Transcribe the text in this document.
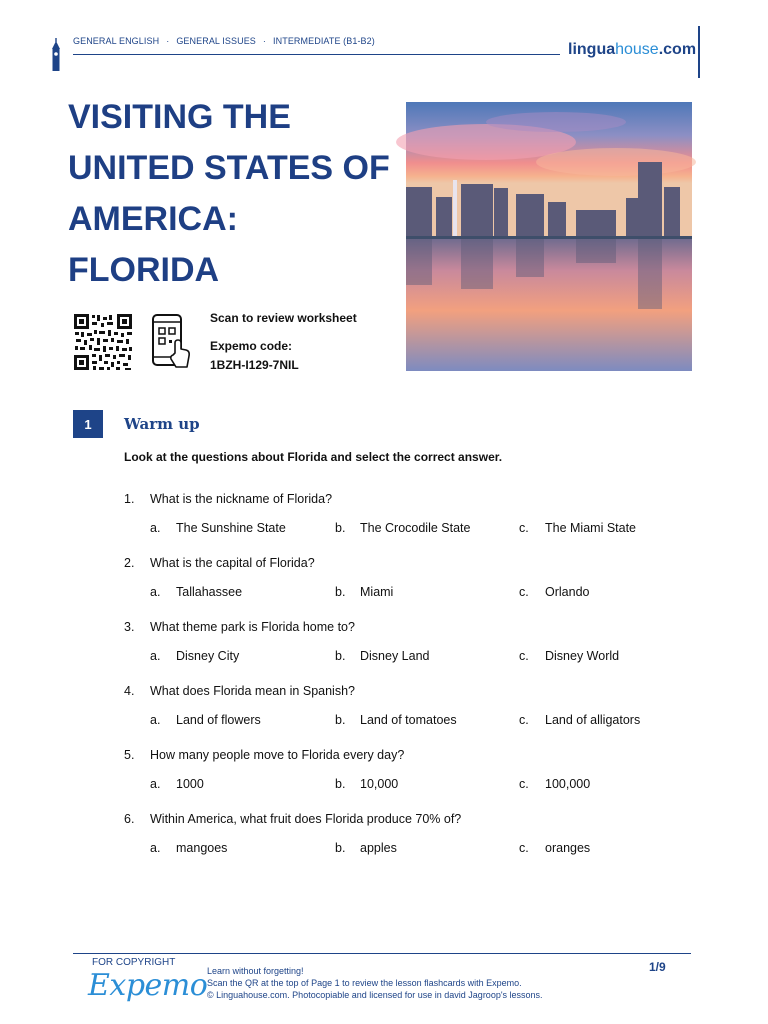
GENERAL ENGLISH · GENERAL ISSUES · INTERMEDIATE (B1-B2)	linguahouse.com
VISITING THE UNITED STATES OF AMERICA: FLORIDA
Scan to review worksheet
Expemo code:
1BZH-I129-7NIL
1	Warm up
Look at the questions about Florida and select the correct answer.
1. What is the nickname of Florida?
a. The Sunshine State	b. The Crocodile State	c. The Miami State
2. What is the capital of Florida?
a. Tallahassee	b. Miami	c. Orlando
3. What theme park is Florida home to?
a. Disney City	b. Disney Land	c. Disney World
4. What does Florida mean in Spanish?
a. Land of flowers	b. Land of tomatoes	c. Land of alligators
5. How many people move to Florida every day?
a. 1000	b. 10,000	c. 100,000
6. Within America, what fruit does Florida produce 70% of?
a. mangoes	b. apples	c. oranges
FOR COPYRIGHT
Expemo Learn without forgetting!
Scan the QR at the top of Page 1 to review the lesson flashcards with Expemo.
© Linguahouse.com. Photocopiable and licensed for use in david Jagroop's lessons.
1/9
